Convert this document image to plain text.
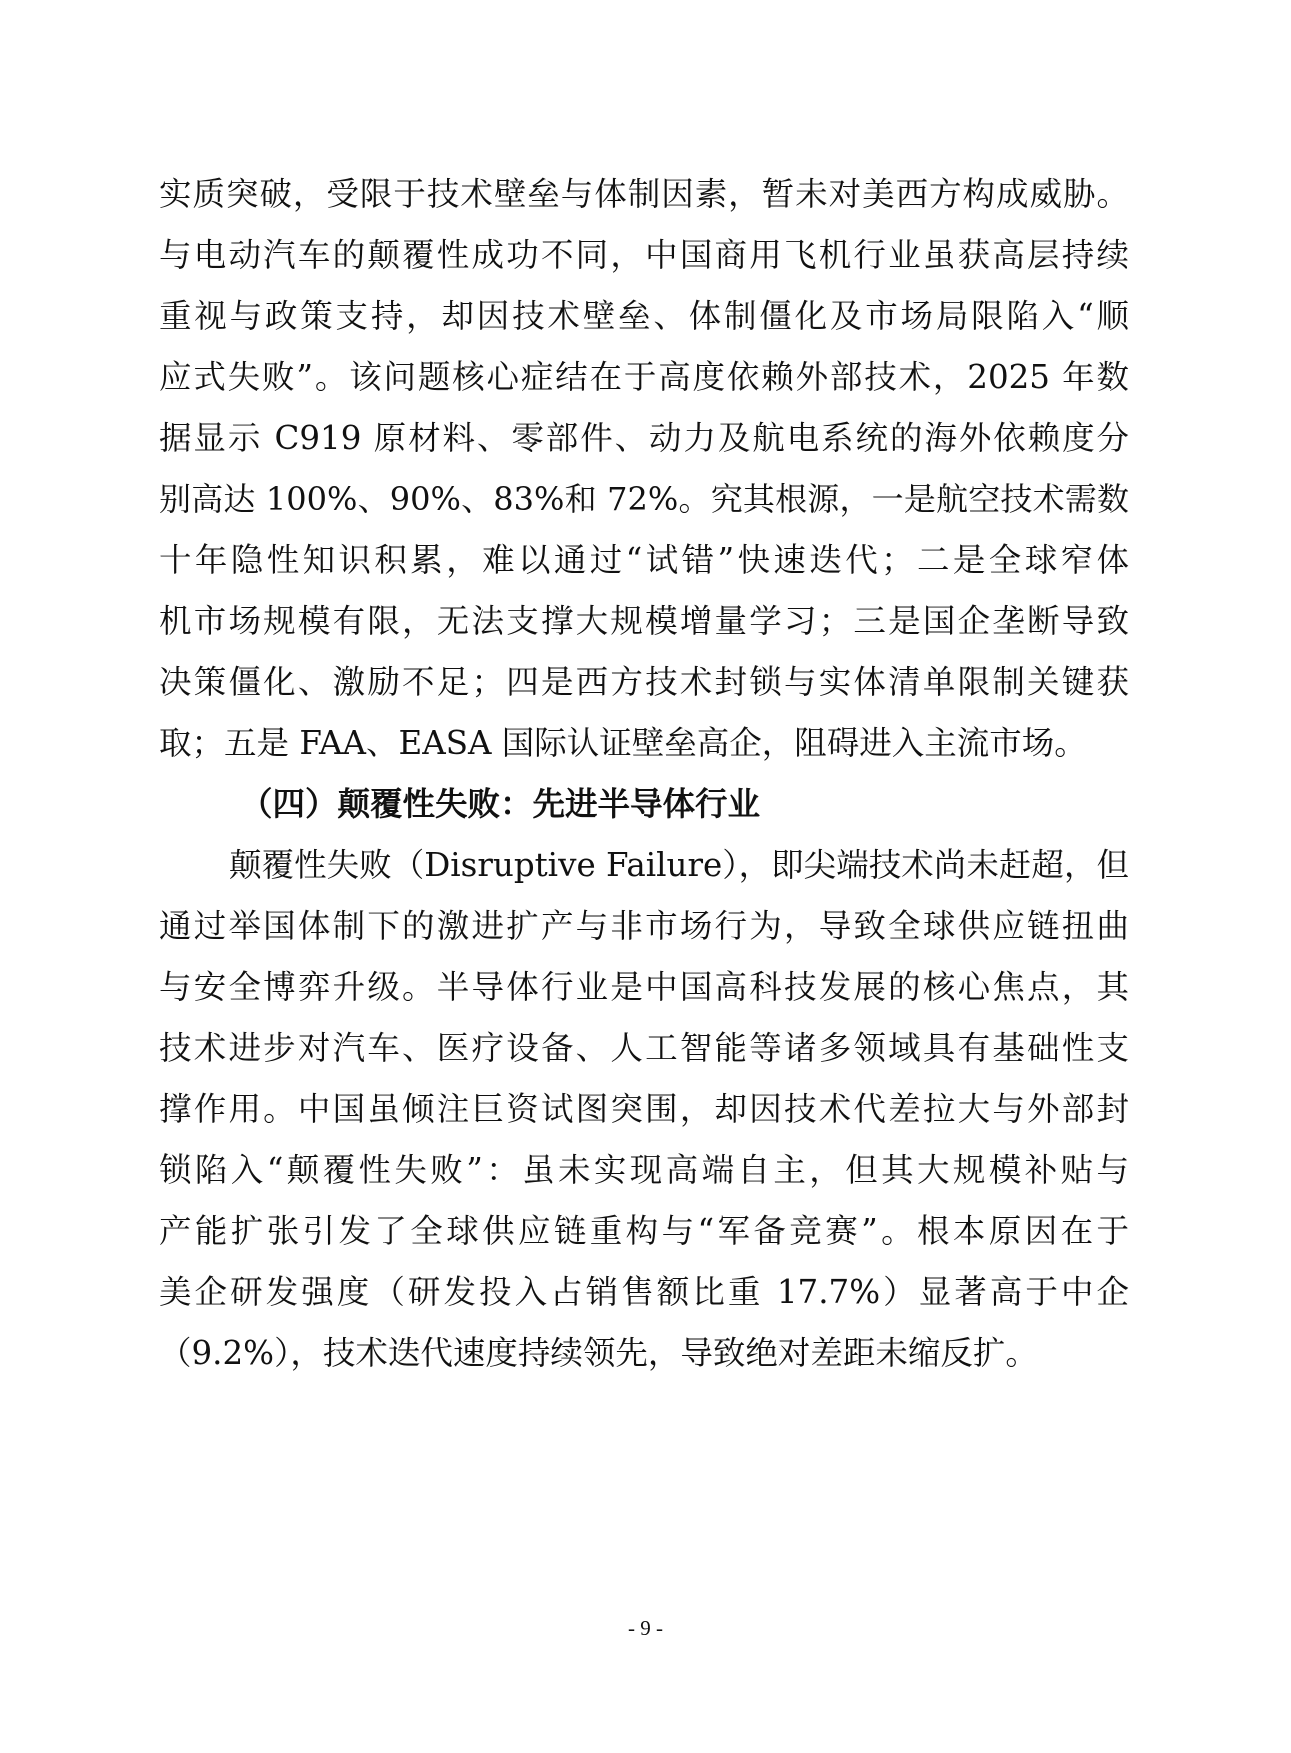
实质突破，受限于技术壁垒与体制因素，暂未对美西方构成威胁。
与电动汽车的颠覆性成功不同，中国商用飞机行业虽获高层持续
重视与政策支持，却因技术壁垒、体制僵化及市场局限陷入“顺
应式失败”。该问题核心症结在于高度依赖外部技术，2025 年数
据显示 C919 原材料、零部件、动力及航电系统的海外依赖度分
别高达 100%、90%、83%和 72%。究其根源，一是航空技术需数
十年隐性知识积累，难以通过“试错”快速迭代；二是全球窄体
机市场规模有限，无法支撑大规模增量学习；三是国企垄断导致
决策僵化、激励不足；四是西方技术封锁与实体清单限制关键获
取；五是 FAA、EASA 国际认证壁垒高企，阻碍进入主流市场。
（四）颠覆性失败：先进半导体行业
颠覆性失败（Disruptive Failure），即尖端技术尚未赶超，但
通过举国体制下的激进扩产与非市场行为，导致全球供应链扭曲
与安全博弈升级。半导体行业是中国高科技发展的核心焦点，其
技术进步对汽车、医疗设备、人工智能等诸多领域具有基础性支
撑作用。中国虽倾注巨资试图突围，却因技术代差拉大与外部封
锁陷入“颠覆性失败”：虽未实现高端自主，但其大规模补贴与
产能扩张引发了全球供应链重构与“军备竞赛”。根本原因在于
美企研发强度（研发投入占销售额比重 17.7%）显著高于中企
（9.2%），技术迭代速度持续领先，导致绝对差距未缩反扩。
- 9 -
